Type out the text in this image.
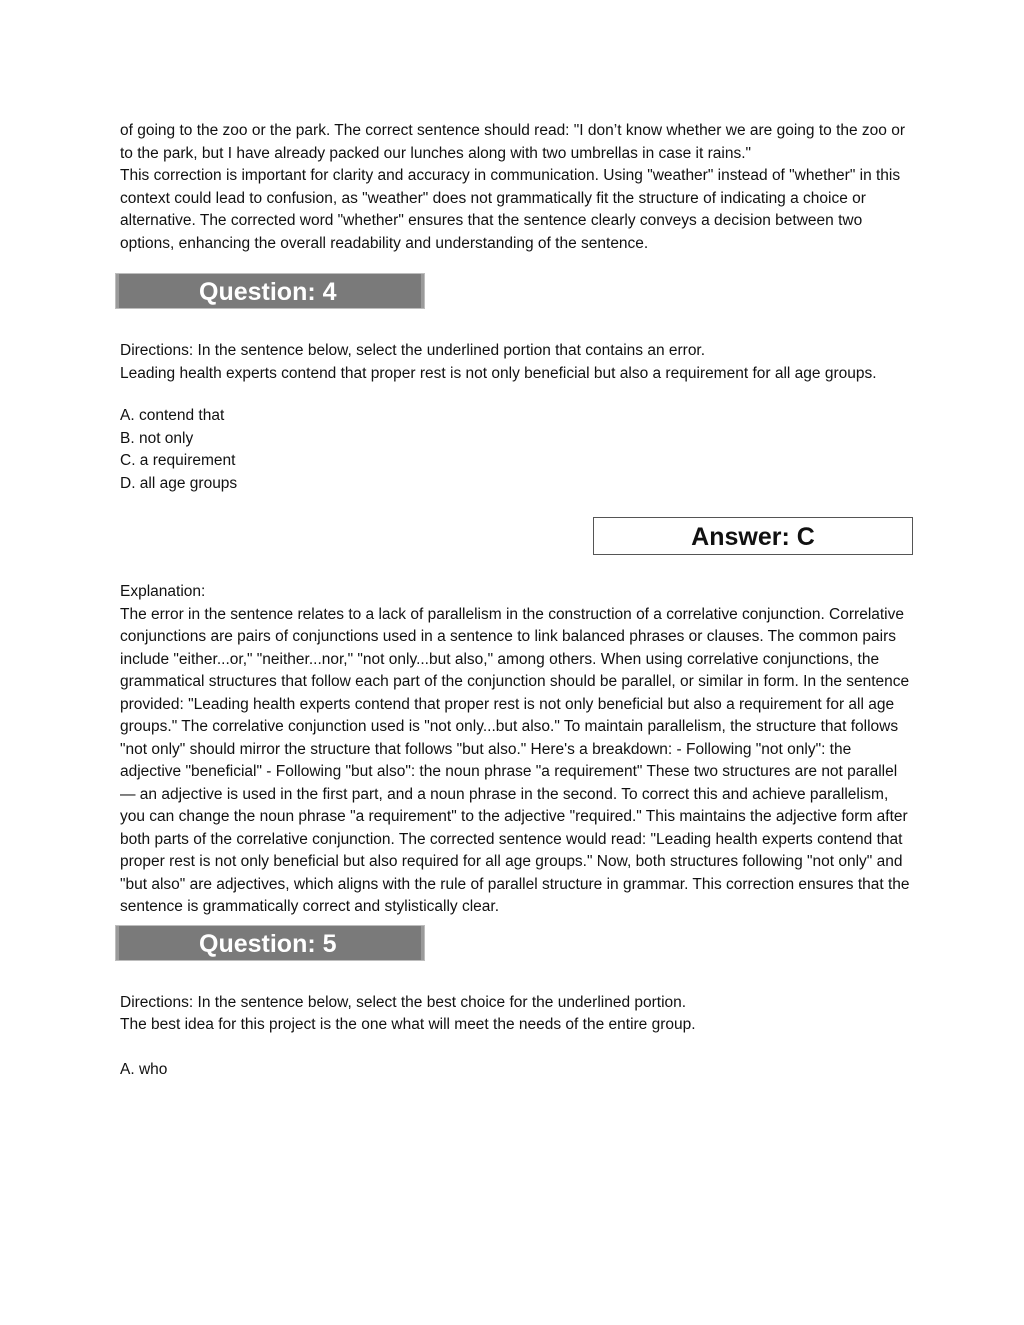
of going to the zoo or the park. The correct sentence should read: "I don’t know whether we are going to the zoo or to the park, but I have already packed our lunches along with two umbrellas in case it rains."

This correction is important for clarity and accuracy in communication. Using "weather" instead of "whether" in this context could lead to confusion, as "weather" does not grammatically fit the structure of indicating a choice or alternative. The corrected word "whether" ensures that the sentence clearly conveys a decision between two options, enhancing the overall readability and understanding of the sentence.

Question: 4

Directions: In the sentence below, select the underlined portion that contains an error.

Leading health experts contend that proper rest is not only beneficial but also a requirement for all age groups.

A. contend that

B. not only

C. a requirement

D. all age groups

Answer: C

Explanation:

The error in the sentence relates to a lack of parallelism in the construction of a correlative conjunction. Correlative conjunctions are pairs of conjunctions used in a sentence to link balanced phrases or clauses. The common pairs include "either...or," "neither...nor," "not only...but also," among others. When using correlative conjunctions, the grammatical structures that follow each part of the conjunction should be parallel, or similar in form. In the sentence provided: "Leading health experts contend that proper rest is not only beneficial but also a requirement for all age groups." The correlative conjunction used is "not only...but also." To maintain parallelism, the structure that follows "not only" should mirror the structure that follows "but also." Here's a breakdown: - Following "not only": the adjective "beneficial" - Following "but also": the noun phrase "a requirement" These two structures are not parallel — an adjective is used in the first part, and a noun phrase in the second. To correct this and achieve parallelism, you can change the noun phrase "a requirement" to the adjective "required." This maintains the adjective form after both parts of the correlative conjunction. The corrected sentence would read: "Leading health experts contend that proper rest is not only beneficial but also required for all age groups." Now, both structures following "not only" and "but also" are adjectives, which aligns with the rule of parallel structure in grammar. This correction ensures that the sentence is grammatically correct and stylistically clear.

Question: 5

Directions: In the sentence below, select the best choice for the underlined portion.

The best idea for this project is the one what will meet the needs of the entire group.

A. who
